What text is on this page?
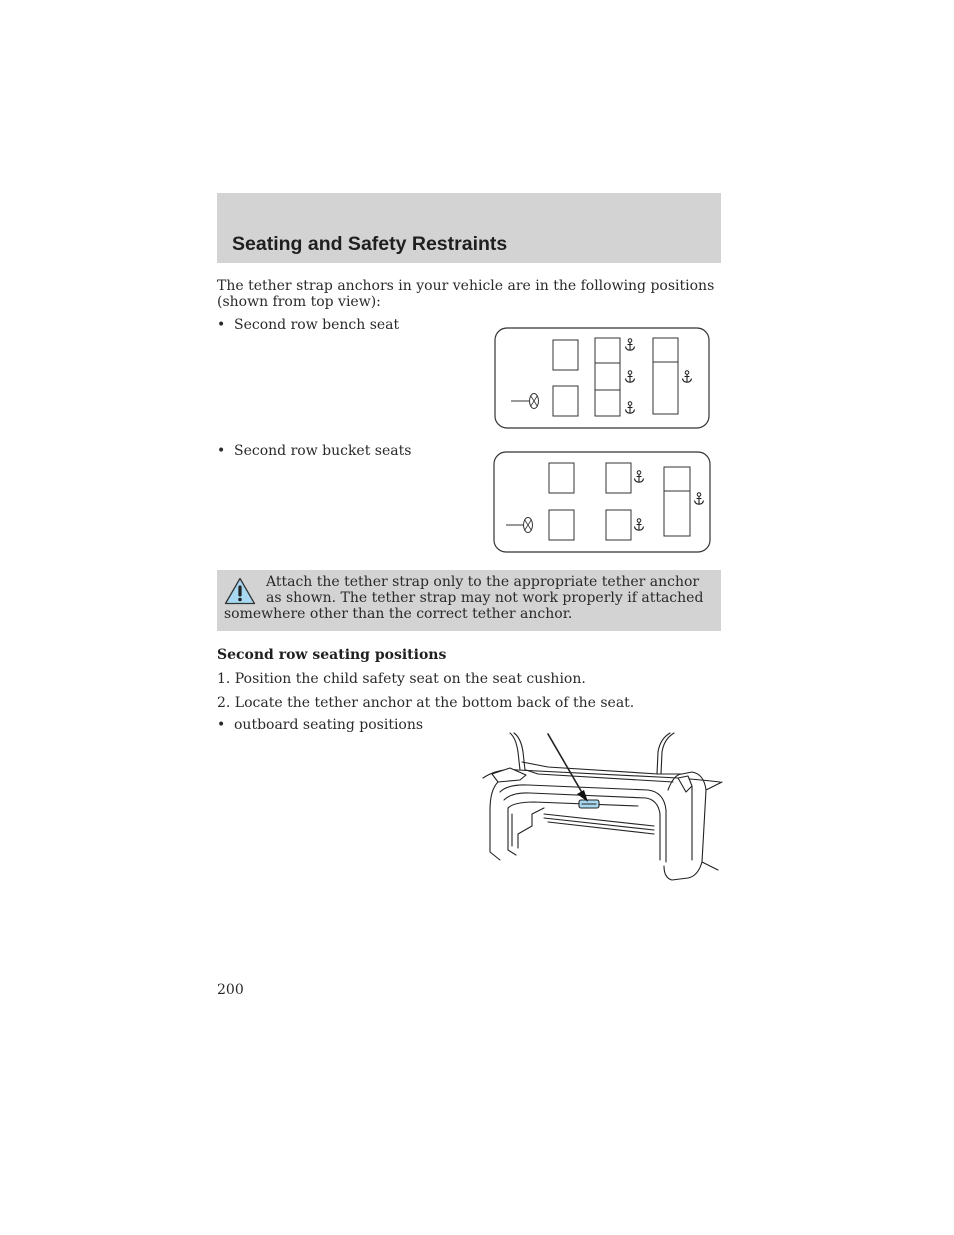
Seating and Safety Restraints
The tether strap anchors in your vehicle are in the following positions (shown from top view):
• Second row bench seat
• Second row bucket seats

Attach the tether strap only to the appropriate tether anchor as shown. The tether strap may not work properly if attached somewhere other than the correct tether anchor.

Second row seating positions
1. Position the child safety seat on the seat cushion.
2. Locate the tether anchor at the bottom back of the seat.
• outboard seating positions
200
